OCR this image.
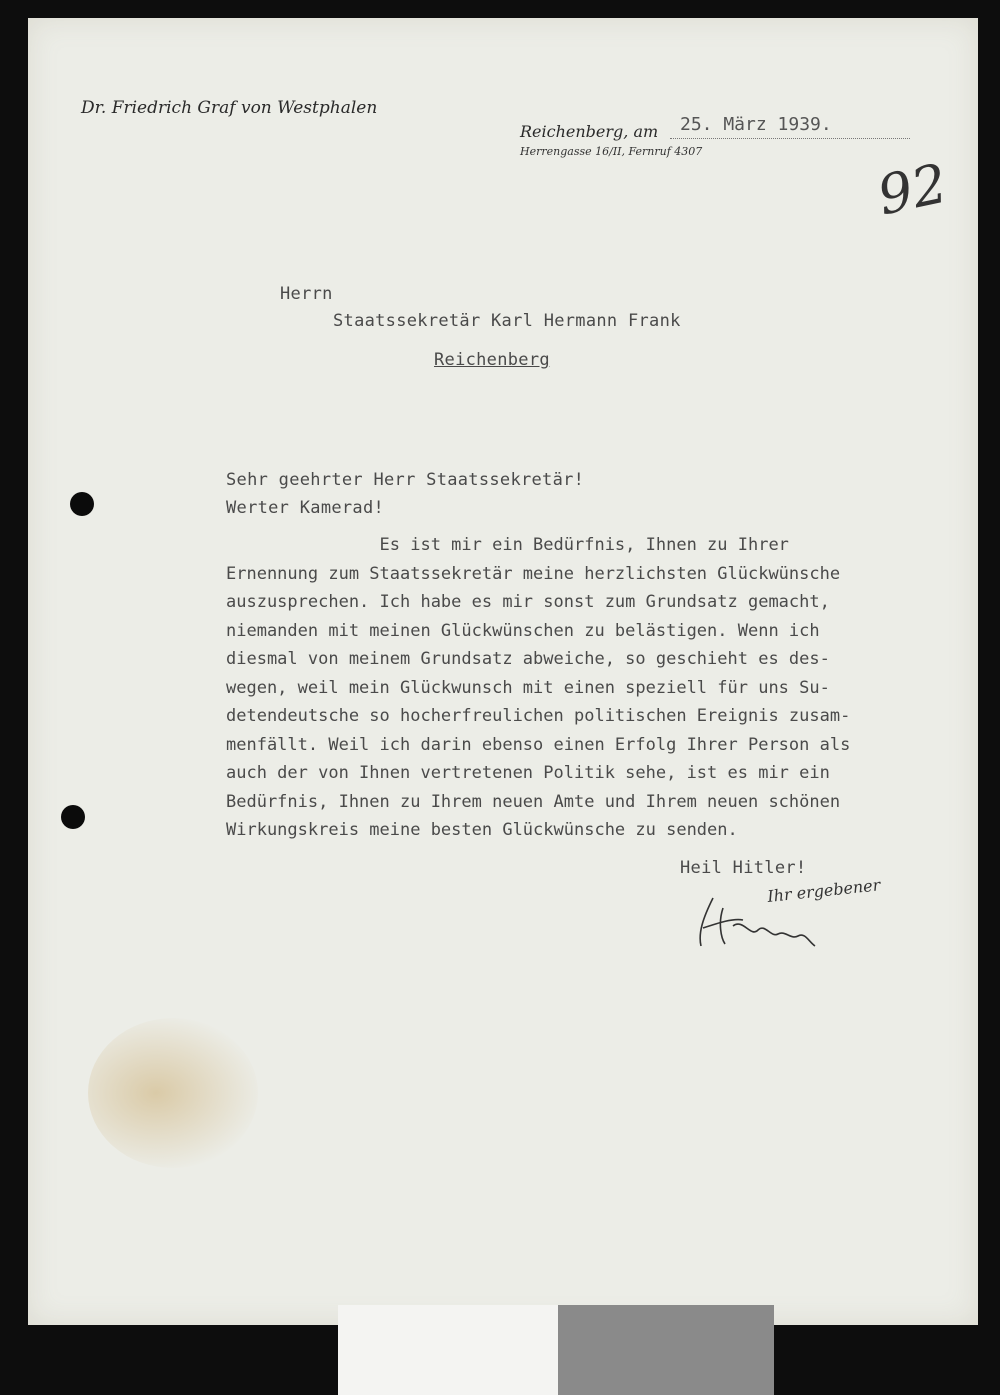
Dr. Friedrich Graf von Westphalen
Reichenberg, am 25. März 1939.
Herrengasse 16/II, Fernruf 4307
92
Herrn
Staatssekretär Karl Hermann Frank
Reichenberg
Sehr geehrter Herr Staatssekretär!
Werter Kamerad!
Es ist mir ein Bedürfnis, Ihnen zu Ihrer
Ernennung zum Staatssekretär meine herzlichsten Glückwünsche
auszusprechen. Ich habe es mir sonst zum Grundsatz gemacht,
niemanden mit meinen Glückwünschen zu belästigen. Wenn ich
diesmal von meinem Grundsatz abweiche, so geschieht es des-
wegen, weil mein Glückwunsch mit einen speziell für uns Su-
detendeutsche so hocherfreulichen politischen Ereignis zusam-
menfällt. Weil ich darin ebenso einen Erfolg Ihrer Person als
auch der von Ihnen vertretenen Politik sehe, ist es mir ein
Bedürfnis, Ihnen zu Ihrem neuen Amte und Ihrem neuen schönen
Wirkungskreis meine besten Glückwünsche zu senden.
Heil Hitler!
Ihr ergebener
